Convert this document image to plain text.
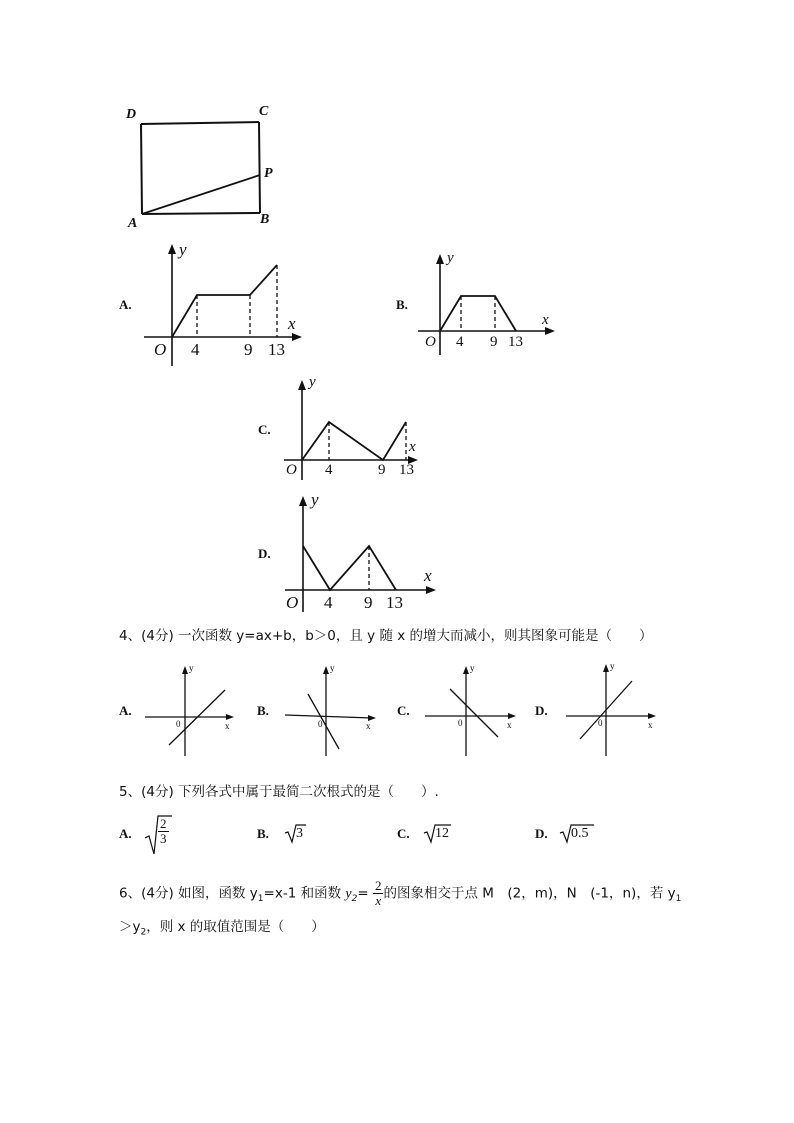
D	C
P
A	B
A.
y
x
O 4	9 13
B.
y
x
O 4 9 13
C.
y
x
O 4	9 13
D.
y
x
O 4 9 13
4、(4分) 一次函数 y=ax+b，b＞0，且 y 随 x 的增大而减小，则其图象可能是（　　）
A.
y
0	x
B.
y
0	x
C.
y
0	x
D.
y
0	x
5、(4分) 下列各式中属于最简二次根式的是（　　）.
A. $\frac{2}{3}$	B. 3	C. 12	D. 0.5
6、(4分) 如图，函数 $y_1=x-1$ 和函数 $y_2= \frac{2}{x}$ 的图象相交于点 M　(2，m)，N　(-1，n)，若 $y_1$
$>y_2$，则 x 的取值范围是（　　）
